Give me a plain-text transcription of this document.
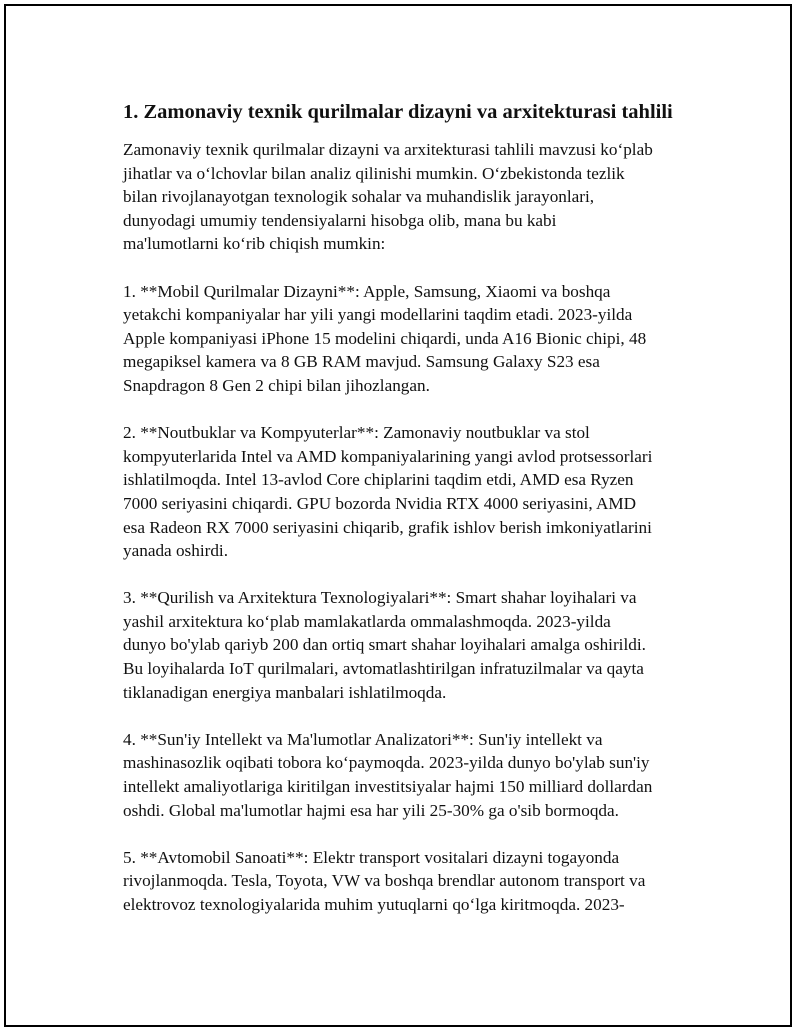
1. Zamonaviy texnik qurilmalar dizayni va arxitekturasi tahlili

Zamonaviy texnik qurilmalar dizayni va arxitekturasi tahlili mavzusi koʻplab
jihatlar va oʻlchovlar bilan analiz qilinishi mumkin. Oʻzbekistonda tezlik
bilan rivojlanayotgan texnologik sohalar va muhandislik jarayonlari,
dunyodagi umumiy tendensiyalarni hisobga olib, mana bu kabi
ma'lumotlarni koʻrib chiqish mumkin:

1. **Mobil Qurilmalar Dizayni**: Apple, Samsung, Xiaomi va boshqa
yetakchi kompaniyalar har yili yangi modellarini taqdim etadi. 2023-yilda
Apple kompaniyasi iPhone 15 modelini chiqardi, unda A16 Bionic chipi, 48
megapiksel kamera va 8 GB RAM mavjud. Samsung Galaxy S23 esa
Snapdragon 8 Gen 2 chipi bilan jihozlangan.

2. **Noutbuklar va Kompyuterlar**: Zamonaviy noutbuklar va stol
kompyuterlarida Intel va AMD kompaniyalarining yangi avlod protsessorlari
ishlatilmoqda. Intel 13-avlod Core chiplarini taqdim etdi, AMD esa Ryzen
7000 seriyasini chiqardi. GPU bozorda Nvidia RTX 4000 seriyasini, AMD
esa Radeon RX 7000 seriyasini chiqarib, grafik ishlov berish imkoniyatlarini
yanada oshirdi.

3. **Qurilish va Arxitektura Texnologiyalari**: Smart shahar loyihalari va
yashil arxitektura koʻplab mamlakatlarda ommalashmoqda. 2023-yilda
dunyo bo'ylab qariyb 200 dan ortiq smart shahar loyihalari amalga oshirildi.
Bu loyihalarda IoT qurilmalari, avtomatlashtirilgan infratuzilmalar va qayta
tiklanadigan energiya manbalari ishlatilmoqda.

4. **Sun'iy Intellekt va Ma'lumotlar Analizatori**: Sun'iy intellekt va
mashinasozlik oqibati tobora koʻpaymoqda. 2023-yilda dunyo bo'ylab sun'iy
intellekt amaliyotlariga kiritilgan investitsiyalar hajmi 150 milliard dollardan
oshdi. Global ma'lumotlar hajmi esa har yili 25-30% ga o'sib bormoqda.

5. **Avtomobil Sanoati**: Elektr transport vositalari dizayni togayonda
rivojlanmoqda. Tesla, Toyota, VW va boshqa brendlar autonom transport va
elektrovoz texnologiyalarida muhim yutuqlarni qoʻlga kiritmoqda. 2023-
